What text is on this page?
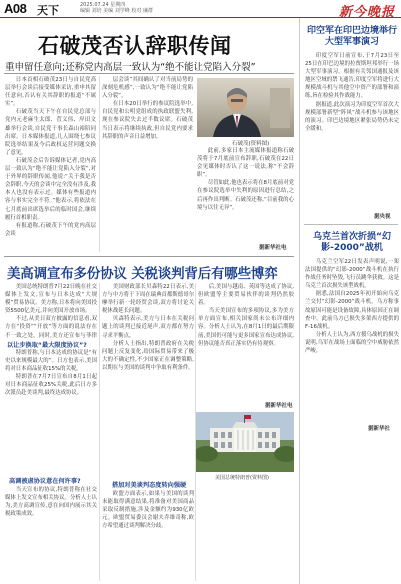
A08 天下	2025.07.24 星期四
编辑 刘培 美编 刘学峰 校对 廉群	新今晚报
石破茂否认辞职传闻
重申留任意向;还称党内高层一致认为“绝不能让党陷入分裂”

日本首相石破茂23日与自民党高层举行会谈后接受媒体采访,重申其留任意向,否认有关其辞职的报道“不属实”。

石破茂当天下午在自民党总部与党内元老麻生太郎、菅义伟、岸田文雄举行会谈,自民党干事长森山裕陪同出席。日本媒体报道,几人围绕七参议院选举结果及今后政权运营问题交换了意见。

石破茂会后告诉媒体记者,党内高层一致认为“绝不能让党陷入分裂”,对于外界的辞职传闻,他说:“关于我是否会辞职,今天的会谈中完全没有涉及,我本人也没有表示过。媒体有些报道内容与事实完全不符。”他表示,将依法在七月底前出席选举后的临时国会,继续履行首相职责。

有报道称,石破茂下午的党内高层会谈

层会谈”其间确认了对当前局势的深刻危机感”,一致认为“绝不能让党陷入分裂”。

在日本20日举行的参议院选举中,自民党和公明党组成的执政联盟失利,现在参议院失去过半数议席。石破茂当日表示将继续执政,但自民党内要求其辞职的声音日益增加。

石破茂(资料图)

此前,多家日本主流媒体报道称石破茂将于7月底前宣布辞职,石破茂在22日会见媒体时否认了这一说法,称“不会辞职”。

尽管如此,他也表示将在8月底前对党在参议院选举中失利的原因进行总结,之后再作出判断。石破茂还称,“目前我的心境与以往无异”。

据新华社电
美高调宣布多份协议 关税谈判背后有哪些博弈

美国总统特朗普7月22日晚在社交媒体上发文,宣布与日本达成“大规模”贸易协议。美方称,日本将向美国投资5500亿美元,并向美国开放市场。

不过,从美日双方披露的信息看,双方在“投资”“开放”等方面的说法存在不一致之处。同时,美方还宣布与菲律

以让步换取“最大限度协议”?

特朗普称,与日本达成的协议是“有史以来规模最大的”。日方也表示,美国将对日本商品征收15%的关税。

特朗普在7月7日宣布自8月1日起对日本商品征收25%关税,此后日方多次派员赴美谈判,最终达成协议。

高调被虐协议意在何许事?

当天宣布的协议,特朗普称在社交媒体上发文宣布相关协议。分析人士认为,美方高调宣传,意在向国内展示其关税政策成效。

美国财政部长贝森特22日表示,美方与中方将于下周在瑞典首都斯德哥尔摩举行新一轮经贸会谈,双方将讨论关税休战延长问题。

贝森特表示,美方与日本在关税问题上的谈判已接近尾声,双方都在努力寻求平衡点。

分析人士指出,特朗普政府在关税问题上反复变化,给国际贸易带来了极大的不确定性,不少国家正在调整策略,以期在与美国的谈判中争取有利条件。

搭加对美谈判态度转向强硬

欧盟方面表示,如果与美国的谈判未能取得满意结果,将准备对美国商品采取反制措施,涉及金额约为930亿欧元。欧盟贸易委员会谢夫乔维奇称,欧方希望通过谈判解决分歧。

后,美国与越南、英国等达成了协议,但欧盟等主要贸易伙伴的谈判仍然胶着。

当天美国宣布的多项协议,多为美方单方面宣布,相关国家尚未公布详细内容。分析人士认为,在8月1日的最后期限前,美国仍可能与更多国家宣布达成协议,但协议能否真正落实仍有待观察。

据新华社电
美国总统特朗普(资料图)
印空军在印巴边境举行大型军事演习

印度空军日前宣布,于7月23日至25日在印巴边境的拉贾斯坦邦举行一场大型军事演习。根据有关邻国通报及该地区空域的禁飞通告,印度空军将进行大规模战斗机与其他空中资产的部署和演练,旨在检验其作战能力。

据报道,此次演习为印度空军首次大规模部署新型“阵风”战斗机参与该地区的演习。印巴边境地区紧张局势仍未完全缓和。

据央视
乌克兰首次折损“幻影-2000”战机

乌克兰空军22日发表声明说,一架法国提供的“幻影-2000”战斗机在执行作战任务时坠毁,飞行员跳伞获救。这是乌克兰首次损失该型战机。

据悉,法国自2025年初开始向乌克兰交付“幻影-2000”战斗机。乌方称事故原因可能是设备故障,具体原因正在调查中。此前乌方已损失多架西方提供的F-16战机。

分析人士认为,西方援乌战机的损失说明,乌军在战场上面临的空中威胁依然严峻。

据新华社
